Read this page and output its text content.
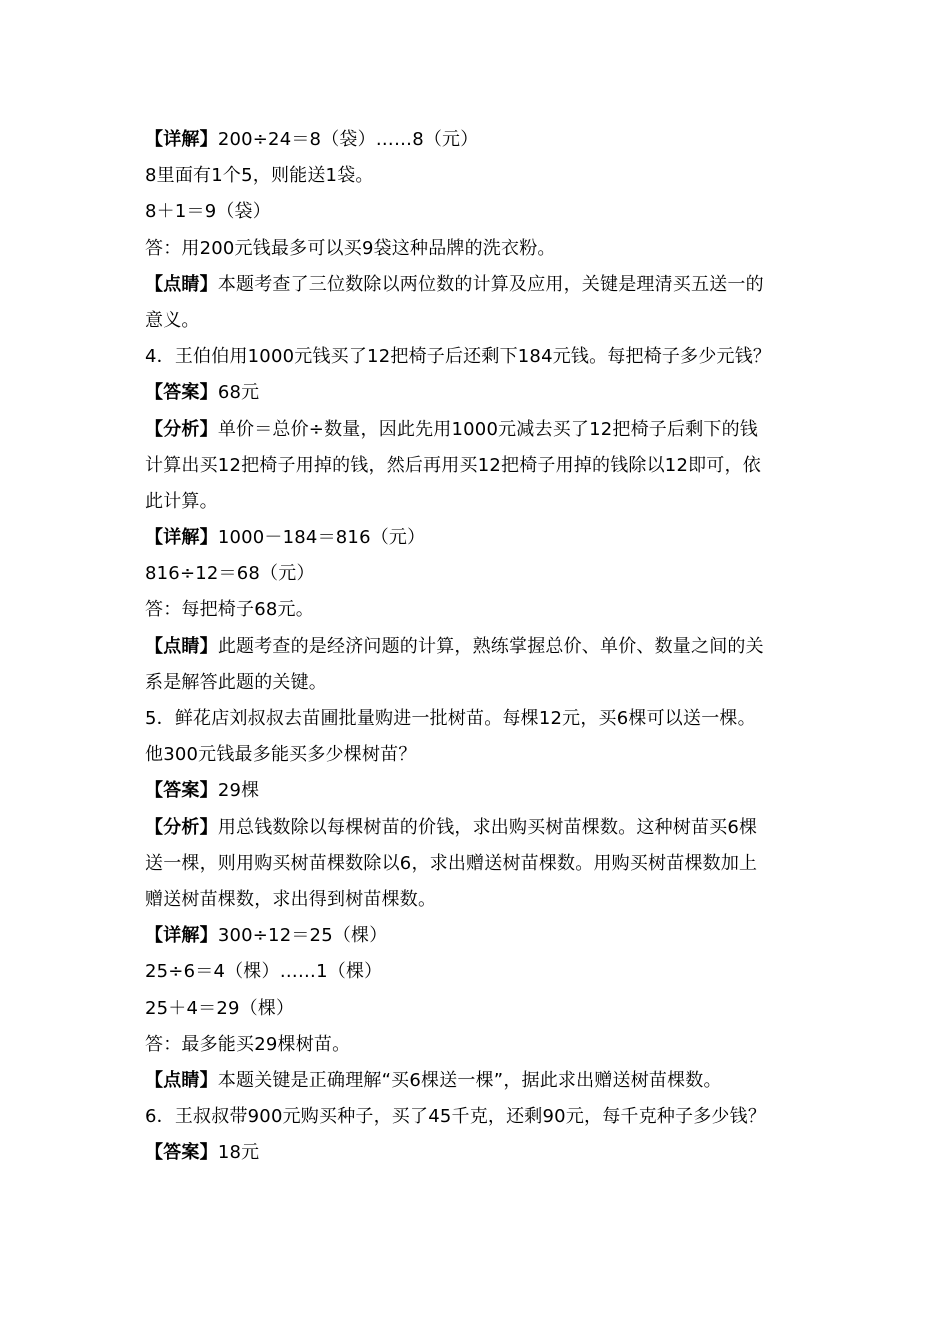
【详解】200÷24＝8（袋）……8（元）
8里面有1个5，则能送1袋。
8＋1＝9（袋）
答：用200元钱最多可以买9袋这种品牌的洗衣粉。
【点睛】本题考查了三位数除以两位数的计算及应用，关键是理清买五送一的
意义。
4．王伯伯用1000元钱买了12把椅子后还剩下184元钱。每把椅子多少元钱？
【答案】68元
【分析】单价＝总价÷数量，因此先用1000元减去买了12把椅子后剩下的钱
计算出买12把椅子用掉的钱，然后再用买12把椅子用掉的钱除以12即可，依
此计算。
【详解】1000－184＝816（元）
816÷12＝68（元）
答：每把椅子68元。
【点睛】此题考查的是经济问题的计算，熟练掌握总价、单价、数量之间的关
系是解答此题的关键。
5．鲜花店刘叔叔去苗圃批量购进一批树苗。每棵12元，买6棵可以送一棵。
他300元钱最多能买多少棵树苗？
【答案】29棵
【分析】用总钱数除以每棵树苗的价钱，求出购买树苗棵数。这种树苗买6棵
送一棵，则用购买树苗棵数除以6，求出赠送树苗棵数。用购买树苗棵数加上
赠送树苗棵数，求出得到树苗棵数。
【详解】300÷12＝25（棵）
25÷6＝4（棵）……1（棵）
25＋4＝29（棵）
答：最多能买29棵树苗。
【点睛】本题关键是正确理解“买6棵送一棵”，据此求出赠送树苗棵数。
6．王叔叔带900元购买种子，买了45千克，还剩90元，每千克种子多少钱？
【答案】18元
